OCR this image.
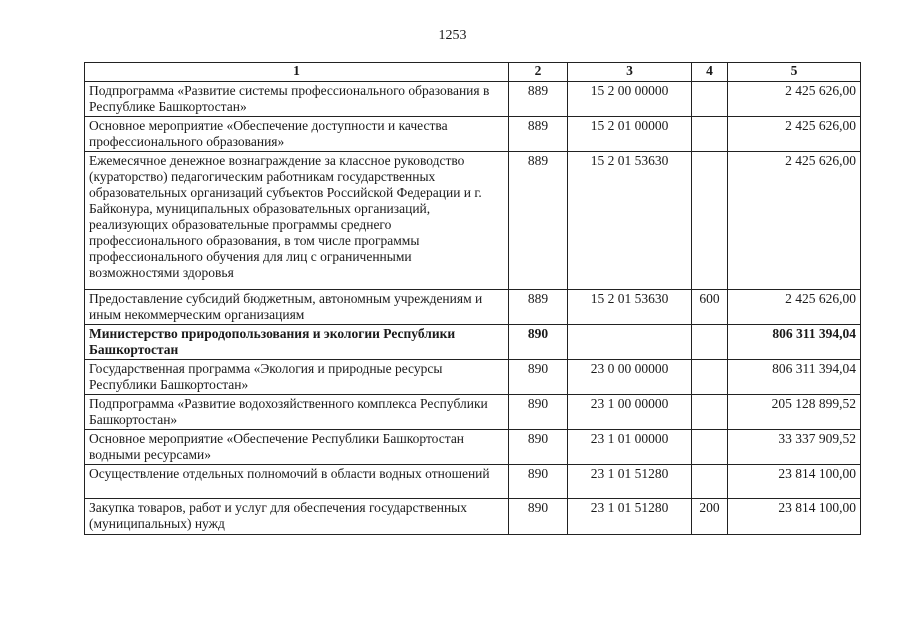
1253
1	2	3	4	5
Подпрограмма «Развитие системы профессионального образования в Республике Башкортостан»	889	15 2 00 00000		2 425 626,00
Основное мероприятие «Обеспечение доступности и качества профессионального образования»	889	15 2 01 00000		2 425 626,00
Ежемесячное денежное вознаграждение за классное руководство (кураторство) педагогическим работникам государственных образовательных организаций субъектов Российской Федерации и г. Байконура, муниципальных образовательных организаций, реализующих образовательные программы среднего профессионального образования, в том числе программы профессионального обучения для лиц с ограниченными возможностями здоровья	889	15 2 01 53630		2 425 626,00
Предоставление субсидий бюджетным, автономным учреждениям и иным некоммерческим организациям	889	15 2 01 53630	600	2 425 626,00
Министерство природопользования и экологии Республики Башкортостан	890			806 311 394,04
Государственная программа «Экология и природные ресурсы Республики Башкортостан»	890	23 0 00 00000		806 311 394,04
Подпрограмма «Развитие водохозяйственного комплекса Республики Башкортостан»	890	23 1 00 00000		205 128 899,52
Основное мероприятие «Обеспечение Республики Башкортостан водными ресурсами»	890	23 1 01 00000		33 337 909,52
Осуществление отдельных полномочий в области водных отношений	890	23 1 01 51280		23 814 100,00
Закупка товаров, работ и услуг для обеспечения государственных (муниципальных) нужд	890	23 1 01 51280	200	23 814 100,00
